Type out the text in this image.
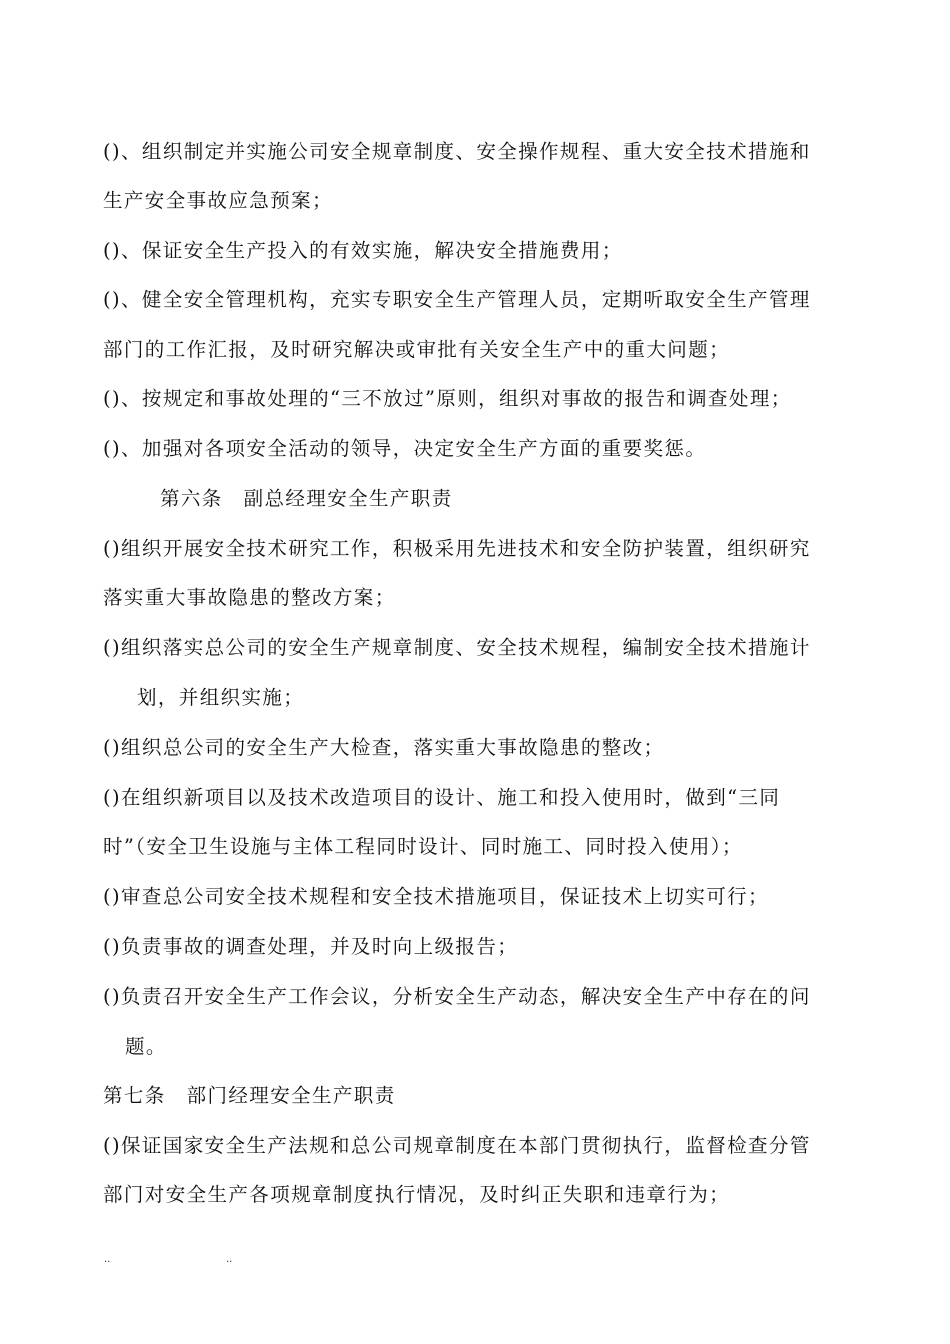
()、组织制定并实施公司安全规章制度、安全操作规程、重大安全技术措施和
生产安全事故应急预案；
()、保证安全生产投入的有效实施，解决安全措施费用；
()、健全安全管理机构，充实专职安全生产管理人员，定期听取安全生产管理
部门的工作汇报，及时研究解决或审批有关安全生产中的重大问题；
()、按规定和事故处理的“三不放过”原则，组织对事故的报告和调查处理；
()、加强对各项安全活动的领导，决定安全生产方面的重要奖惩。
第六条　副总经理安全生产职责
()组织开展安全技术研究工作，积极采用先进技术和安全防护装置，组织研究
落实重大事故隐患的整改方案；
()组织落实总公司的安全生产规章制度、安全技术规程，编制安全技术措施计
划，并组织实施；
()组织总公司的安全生产大检查，落实重大事故隐患的整改；
()在组织新项目以及技术改造项目的设计、施工和投入使用时，做到“三同
时”（安全卫生设施与主体工程同时设计、同时施工、同时投入使用）；
()审查总公司安全技术规程和安全技术措施项目，保证技术上切实可行；
()负责事故的调查处理，并及时向上级报告；
()负责召开安全生产工作会议，分析安全生产动态，解决安全生产中存在的问
题。
第七条　部门经理安全生产职责
()保证国家安全生产法规和总公司规章制度在本部门贯彻执行，监督检查分管
部门对安全生产各项规章制度执行情况，及时纠正失职和违章行为；
..	..
